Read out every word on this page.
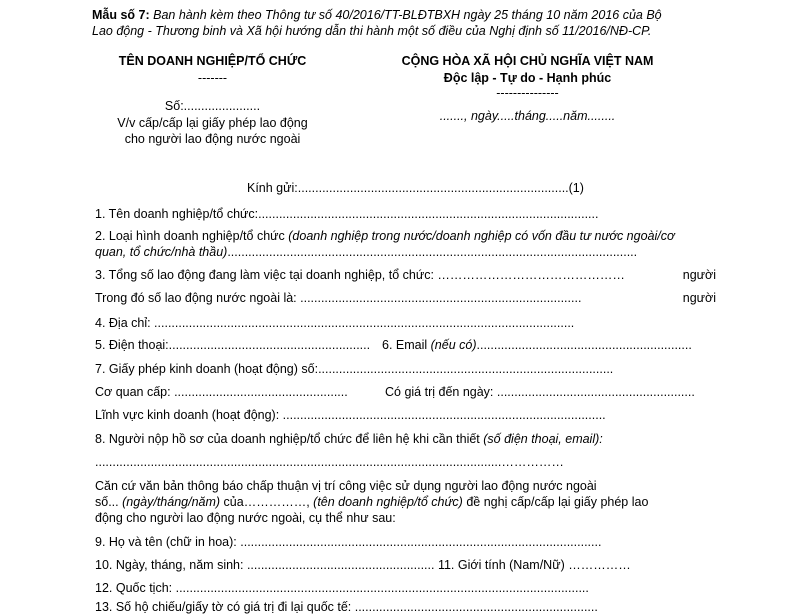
Mẫu số 7: Ban hành kèm theo Thông tư số 40/2016/TT-BLĐTBXH ngày 25 tháng 10 năm 2016 của Bộ
Lao động - Thương binh và Xã hội hướng dẫn thi hành một số điều của Nghị định số 11/2016/NĐ-CP.
TÊN DOANH NGHIỆP/TỔ CHỨC
-------
Số:......................
V/v cấp/cấp lại giấy phép lao động
cho người lao động nước ngoài
CỘNG HÒA XÃ HỘI CHỦ NGHĨA VIỆT NAM
Độc lập - Tự do - Hạnh phúc
---------------
......., ngày.....tháng.....năm........
Kính gửi:..............................................................................(1)
1. Tên doanh nghiệp/tổ chức:..................................................................................................
2. Loại hình doanh nghiệp/tổ chức (doanh nghiệp trong nước/doanh nghiệp có vốn đầu tư nước ngoài/cơ
quan, tổ chức/nhà thầu)......................................................................................................................
3. Tổng số lao động đang làm việc tại doanh nghiệp, tổ chức: ………………………………………	người
Trong đó số lao động nước ngoài là: .................................................................................	người
4. Địa chỉ: .........................................................................................................................
5. Điện thoại:.......................................................... 6. Email (nếu có)..............................................................
7. Giấy phép kinh doanh (hoạt động) số:.....................................................................................
Cơ quan cấp: ..................................................	Có giá trị đến ngày: .........................................................
Lĩnh vực kinh doanh (hoạt động): .............................................................................................
8. Người nộp hồ sơ của doanh nghiệp/tổ chức để liên hệ khi cần thiết (số điện thoại, email):
.....................................................................................................................……………
Căn cứ văn bản thông báo chấp thuận vị trí công việc sử dụng người lao động nước ngoài
số... (ngày/tháng/năm) của……………, (tên doanh nghiệp/tổ chức) đề nghị cấp/cấp lại giấy phép lao
động cho người lao động nước ngoài, cụ thể như sau:
9. Họ và tên (chữ in hoa): ........................................................................................................
10. Ngày, tháng, năm sinh: ...................................................... 11. Giới tính (Nam/Nữ) ……………
12. Quốc tịch: .......................................................................................................................
13. Số hộ chiếu/giấy tờ có giá trị đi lại quốc tế: ......................................................................
